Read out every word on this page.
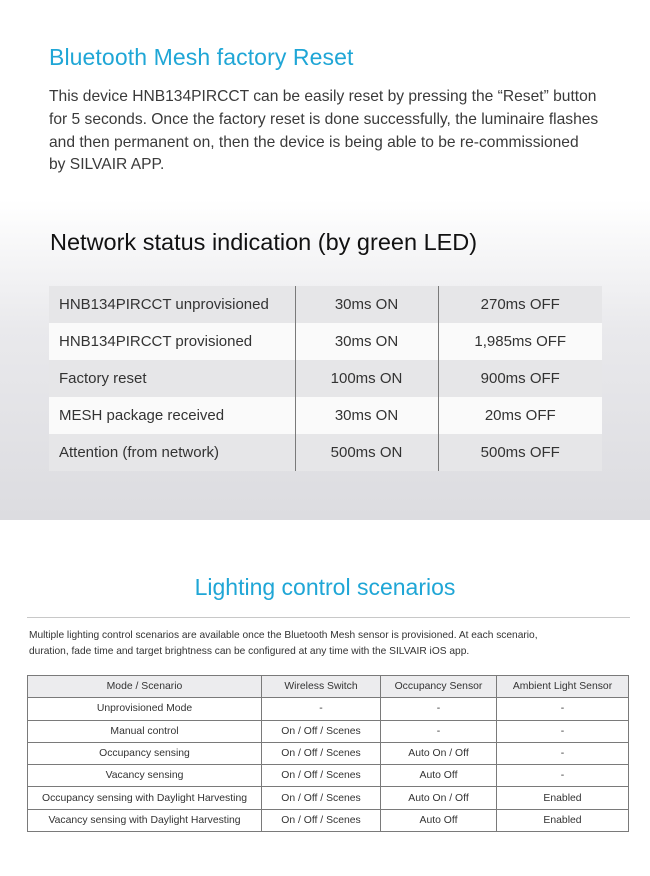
Bluetooth Mesh factory Reset
This device HNB134PIRCCT can be easily reset by pressing the “Reset” button
for 5 seconds. Once the factory reset is done successfully, the luminaire flashes
and then permanent on, then the device is being able to be re-commissioned
by SILVAIR APP.
Network status indication (by green LED)
HNB134PIRCCT unprovisioned	30ms ON	270ms OFF
HNB134PIRCCT provisioned	30ms ON	1,985ms OFF
Factory reset	100ms ON	900ms OFF
MESH package received	30ms ON	20ms OFF
Attention (from network)	500ms ON	500ms OFF
Lighting control scenarios
Multiple lighting control scenarios are available once the Bluetooth Mesh sensor is provisioned. At each scenario,
duration, fade time and target brightness can be configured at any time with the SILVAIR iOS app.
Mode / Scenario	Wireless Switch	Occupancy Sensor	Ambient Light Sensor
Unprovisioned Mode	-	-	-
Manual control	On / Off / Scenes	-	-
Occupancy sensing	On / Off / Scenes	Auto On / Off	-
Vacancy sensing	On / Off / Scenes	Auto Off	-
Occupancy sensing with Daylight Harvesting	On / Off / Scenes	Auto On / Off	Enabled
Vacancy sensing with Daylight Harvesting	On / Off / Scenes	Auto Off	Enabled
